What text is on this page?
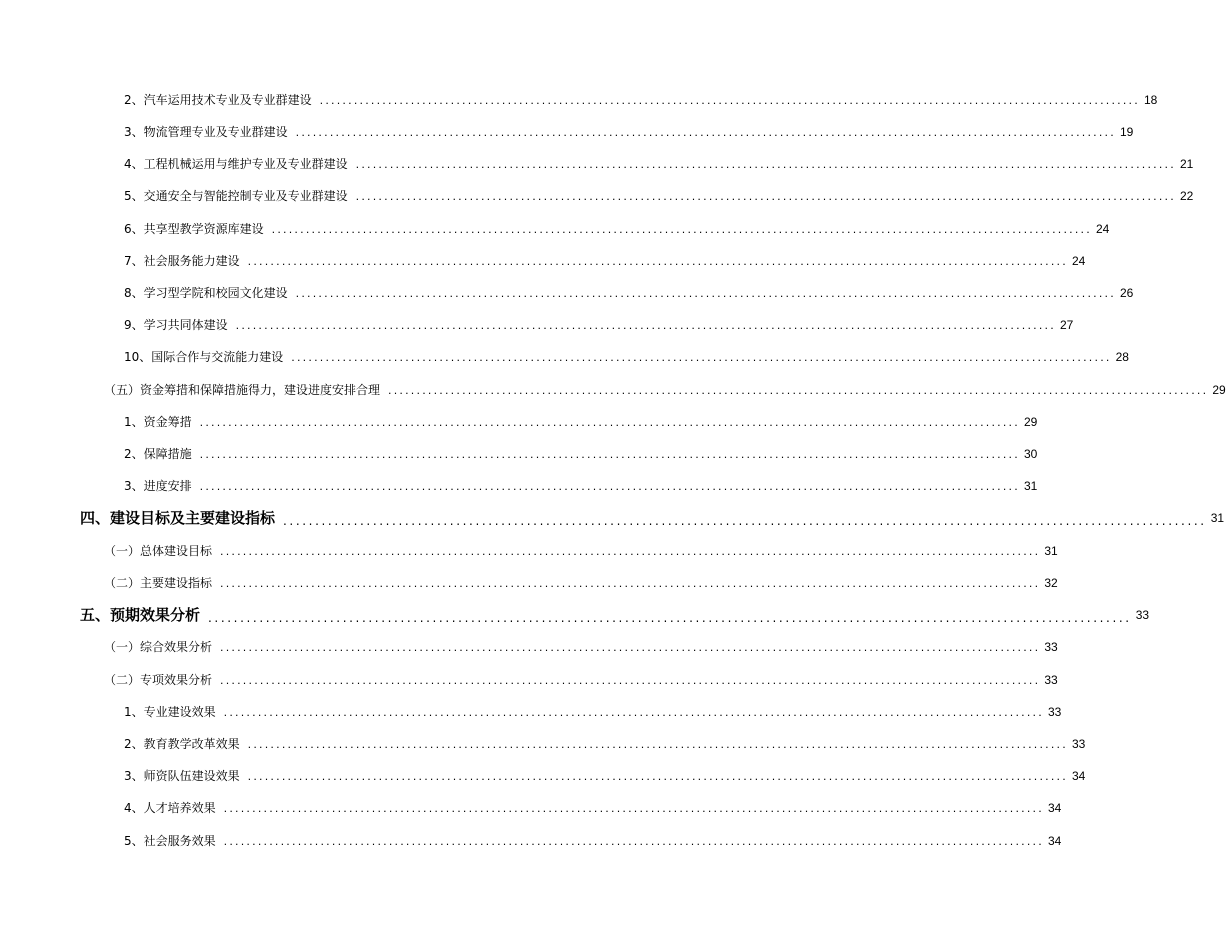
2、汽车运用技术专业及专业群建设 ................................................................................................................................................ 18
3、物流管理专业及专业群建设 ................................................................................................................................................ 19
4、工程机械运用与维护专业及专业群建设 ................................................................................................................................................ 21
5、交通安全与智能控制专业及专业群建设 ................................................................................................................................................ 22
6、共享型教学资源库建设 ................................................................................................................................................ 24
7、社会服务能力建设 ................................................................................................................................................ 24
8、学习型学院和校园文化建设 ................................................................................................................................................ 26
9、学习共同体建设 ................................................................................................................................................ 27
10、国际合作与交流能力建设 ................................................................................................................................................ 28
（五）资金筹措和保障措施得力，建设进度安排合理 ................................................................................................................................................ 29
1、资金筹措 ................................................................................................................................................ 29
2、保障措施 ................................................................................................................................................ 30
3、进度安排 ................................................................................................................................................ 31
四、建设目标及主要建设指标 ................................................................................................................................................ 31
（一）总体建设目标 ................................................................................................................................................ 31
（二）主要建设指标 ................................................................................................................................................ 32
五、预期效果分析 ................................................................................................................................................ 33
（一）综合效果分析 ................................................................................................................................................ 33
（二）专项效果分析 ................................................................................................................................................ 33
1、专业建设效果 ................................................................................................................................................ 33
2、教育教学改革效果 ................................................................................................................................................ 33
3、师资队伍建设效果 ................................................................................................................................................ 34
4、人才培养效果 ................................................................................................................................................ 34
5、社会服务效果 ................................................................................................................................................ 34
